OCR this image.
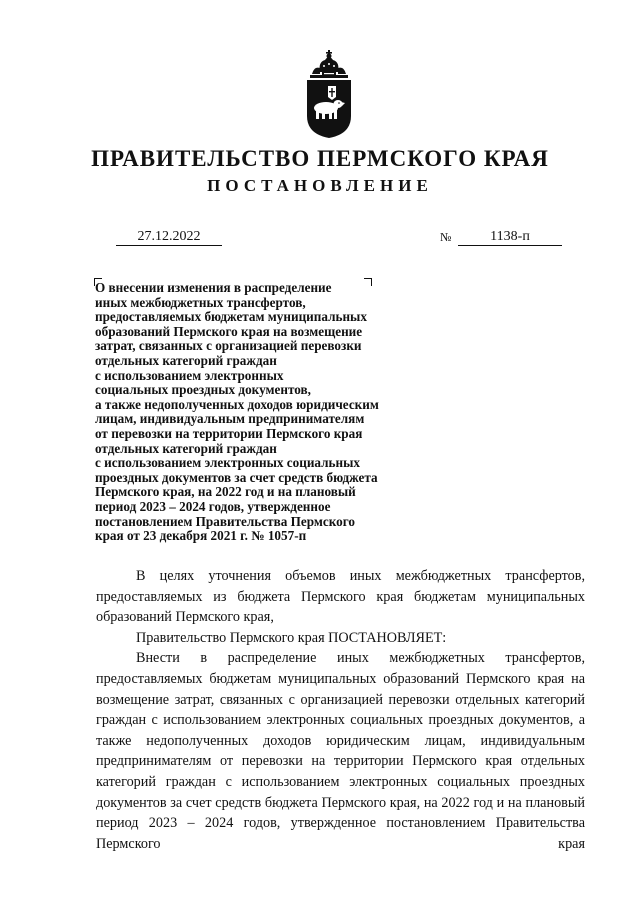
ПРАВИТЕЛЬСТВО ПЕРМСКОГО КРАЯ
ПОСТАНОВЛЕНИЕ
27.12.2022	№	1138-п
О внесении изменения в распределение
иных межбюджетных трансфертов,
предоставляемых бюджетам муниципальных
образований Пермского края на возмещение
затрат, связанных с организацией перевозки
отдельных категорий граждан
с использованием электронных
социальных проездных документов,
а также недополученных доходов юридическим
лицам, индивидуальным предпринимателям
от перевозки на территории Пермского края
отдельных категорий граждан
с использованием электронных социальных
проездных документов за счет средств бюджета
Пермского края, на 2022 год и на плановый
период 2023 – 2024 годов, утвержденное
постановлением Правительства Пермского
края от 23 декабря 2021 г. № 1057-п

В целях уточнения объемов иных межбюджетных трансфертов, предоставляемых из бюджета Пермского края бюджетам муниципальных образований Пермского края,

Правительство Пермского края ПОСТАНОВЛЯЕТ:

Внести в распределение иных межбюджетных трансфертов, предоставляемых бюджетам муниципальных образований Пермского края на возмещение затрат, связанных с организацией перевозки отдельных категорий граждан с использованием электронных социальных проездных документов, а также недополученных доходов юридическим лицам, индивидуальным предпринимателям от перевозки на территории Пермского края отдельных категорий граждан с использованием электронных социальных проездных документов за счет средств бюджета Пермского края, на 2022 год и на плановый период 2023 – 2024 годов, утвержденное постановлением Правительства Пермского края
